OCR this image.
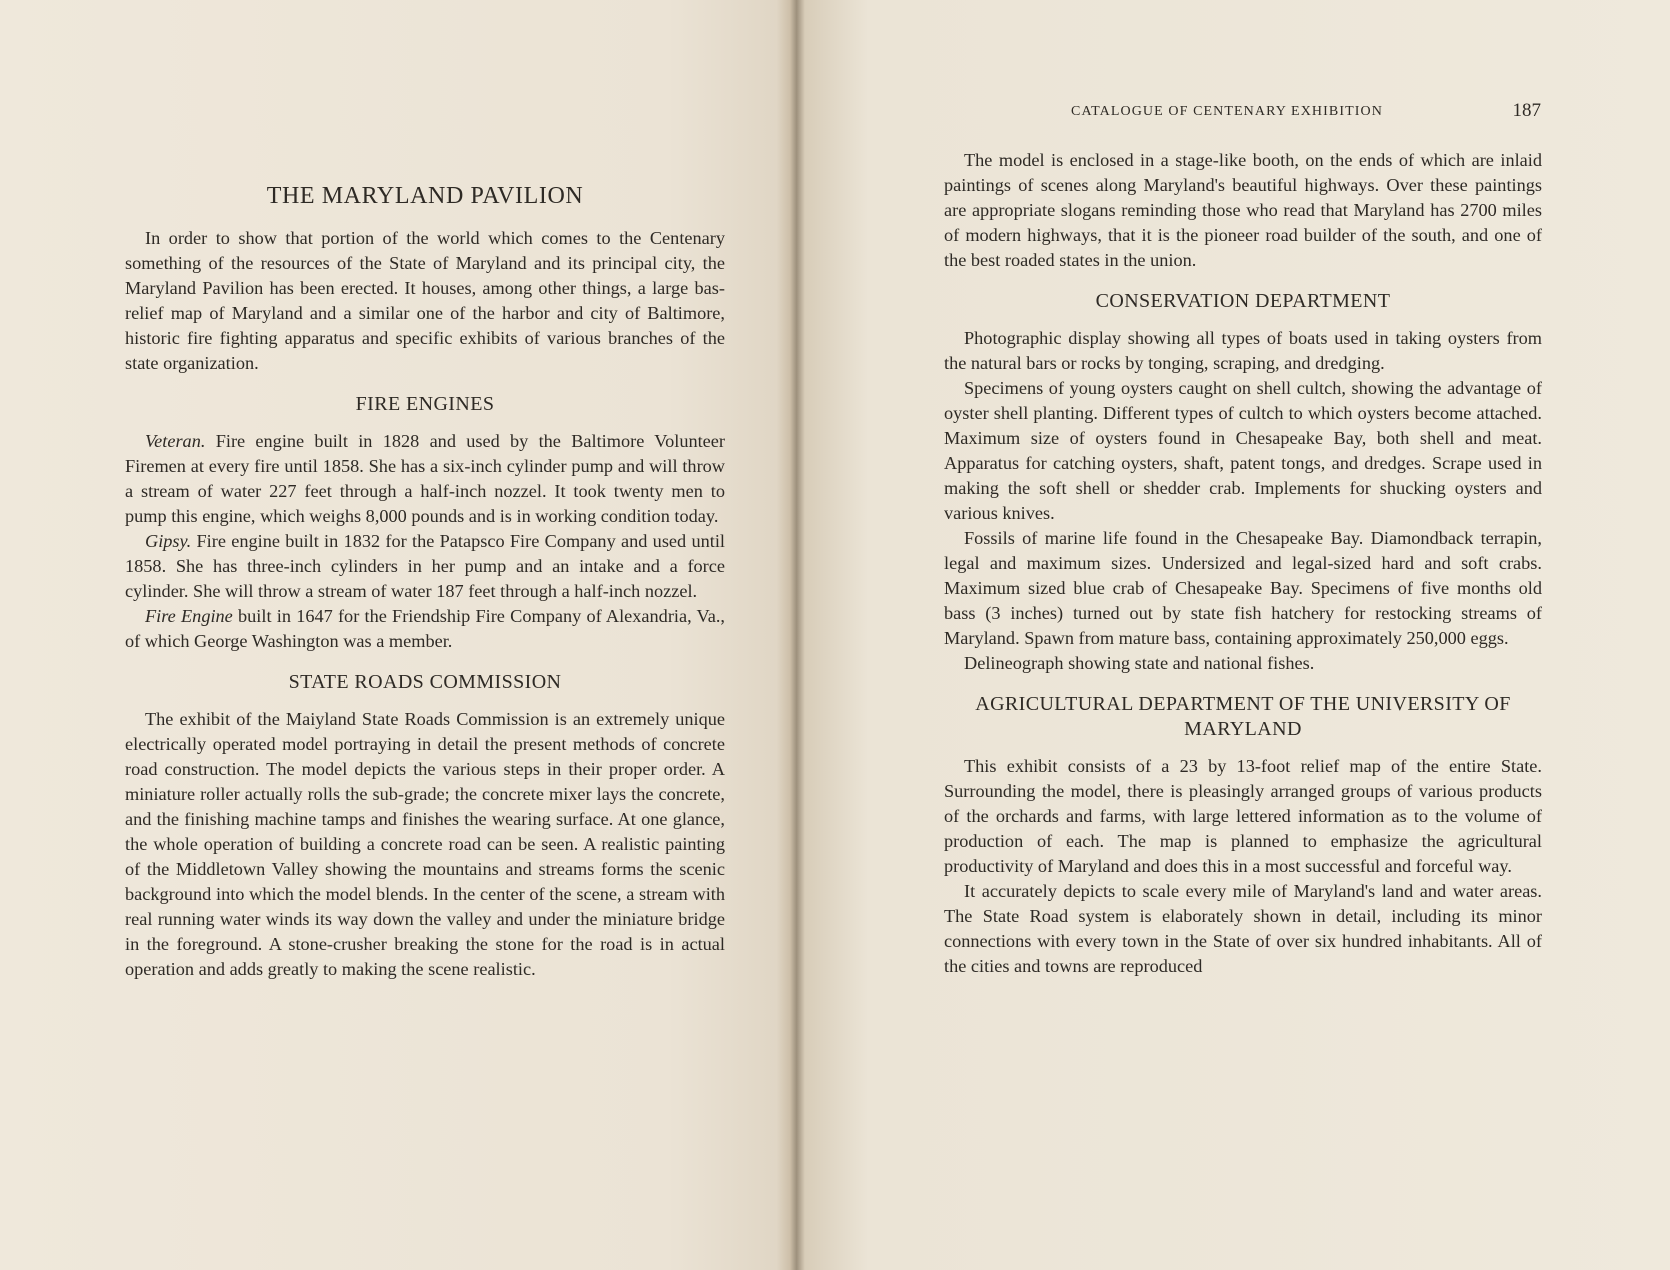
THE MARYLAND PAVILION

In order to show that portion of the world which comes to the Centenary something of the resources of the State of Maryland and its principal city, the Maryland Pavilion has been erected. It houses, among other things, a large bas-relief map of Maryland and a similar one of the harbor and city of Baltimore, historic fire fighting apparatus and specific exhibits of various branches of the state organization.

FIRE ENGINES

Veteran. Fire engine built in 1828 and used by the Baltimore Volunteer Firemen at every fire until 1858. She has a six-inch cylinder pump and will throw a stream of water 227 feet through a half-inch nozzel. It took twenty men to pump this engine, which weighs 8,000 pounds and is in working condition today.

Gipsy. Fire engine built in 1832 for the Patapsco Fire Company and used until 1858. She has three-inch cylinders in her pump and an intake and a force cylinder. She will throw a stream of water 187 feet through a half-inch nozzel.

Fire Engine built in 1647 for the Friendship Fire Company of Alexandria, Va., of which George Washington was a member.

STATE ROADS COMMISSION

The exhibit of the Maiyland State Roads Commission is an extremely unique electrically operated model portraying in detail the present methods of concrete road construction. The model depicts the various steps in their proper order. A miniature roller actually rolls the sub-grade; the concrete mixer lays the concrete, and the finishing machine tamps and finishes the wearing surface. At one glance, the whole operation of building a concrete road can be seen. A realistic painting of the Middletown Valley showing the mountains and streams forms the scenic background into which the model blends. In the center of the scene, a stream with real running water winds its way down the valley and under the miniature bridge in the foreground. A stone-crusher breaking the stone for the road is in actual operation and adds greatly to making the scene realistic.

CATALOGUE OF CENTENARY EXHIBITION	187

The model is enclosed in a stage-like booth, on the ends of which are inlaid paintings of scenes along Maryland's beautiful highways. Over these paintings are appropriate slogans reminding those who read that Maryland has 2700 miles of modern highways, that it is the pioneer road builder of the south, and one of the best roaded states in the union.

CONSERVATION DEPARTMENT

Photographic display showing all types of boats used in taking oysters from the natural bars or rocks by tonging, scraping, and dredging.

Specimens of young oysters caught on shell cultch, showing the advantage of oyster shell planting. Different types of cultch to which oysters become attached. Maximum size of oysters found in Chesapeake Bay, both shell and meat. Apparatus for catching oysters, shaft, patent tongs, and dredges. Scrape used in making the soft shell or shedder crab. Implements for shucking oysters and various knives.

Fossils of marine life found in the Chesapeake Bay. Diamondback terrapin, legal and maximum sizes. Undersized and legal-sized hard and soft crabs. Maximum sized blue crab of Chesapeake Bay. Specimens of five months old bass (3 inches) turned out by state fish hatchery for restocking streams of Maryland. Spawn from mature bass, containing approximately 250,000 eggs.

Delineograph showing state and national fishes.

AGRICULTURAL DEPARTMENT OF THE UNIVERSITY OF MARYLAND

This exhibit consists of a 23 by 13-foot relief map of the entire State. Surrounding the model, there is pleasingly arranged groups of various products of the orchards and farms, with large lettered information as to the volume of production of each. The map is planned to emphasize the agricultural productivity of Maryland and does this in a most successful and forceful way.

It accurately depicts to scale every mile of Maryland's land and water areas. The State Road system is elaborately shown in detail, including its minor connections with every town in the State of over six hundred inhabitants. All of the cities and towns are reproduced
